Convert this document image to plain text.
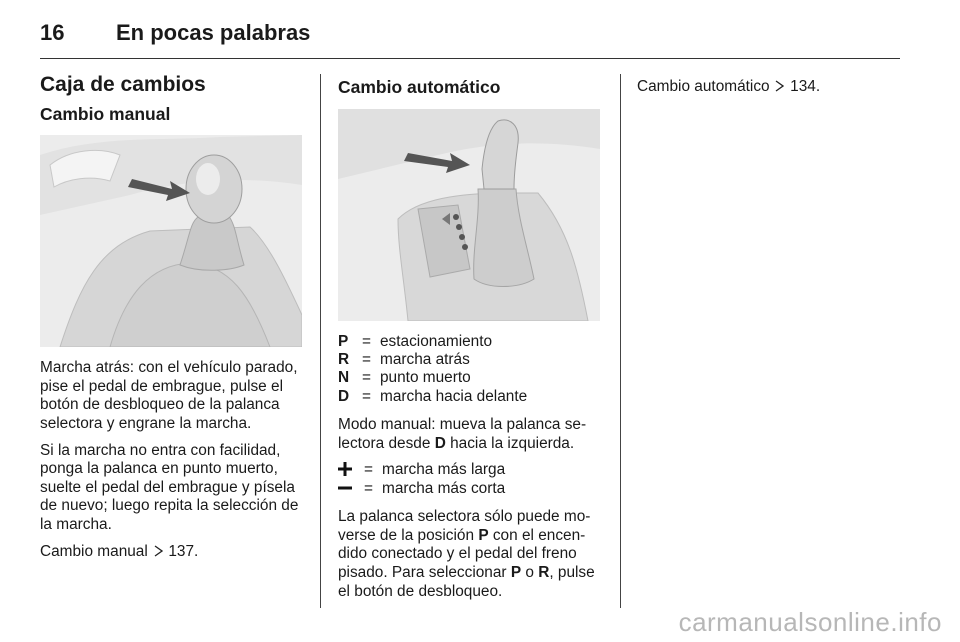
16 En pocas palabras
Caja de cambios
Cambio manual

Marcha atrás: con el vehículo parado, pise el pedal de embrague, pulse el botón de desbloqueo de la palanca selectora y engrane la marcha.

Si la marcha no entra con facilidad, ponga la palanca en punto muerto, suelte el pedal del embrague y písela de nuevo; luego repita la selección de la marcha.

Cambio manual 137.

Cambio automático
P = estacionamiento
R = marcha atrás
N = punto muerto
D = marcha hacia delante

Modo manual: mueva la palanca se-lectora desde D hacia la izquierda.

= marcha más larga
= marcha más corta

La palanca selectora sólo puede mo-verse de la posición P con el encen-dido conectado y el pedal del freno pisado. Para seleccionar P o R, pulse el botón de desbloqueo.

Cambio automático 134.

carmanualsonline.info
